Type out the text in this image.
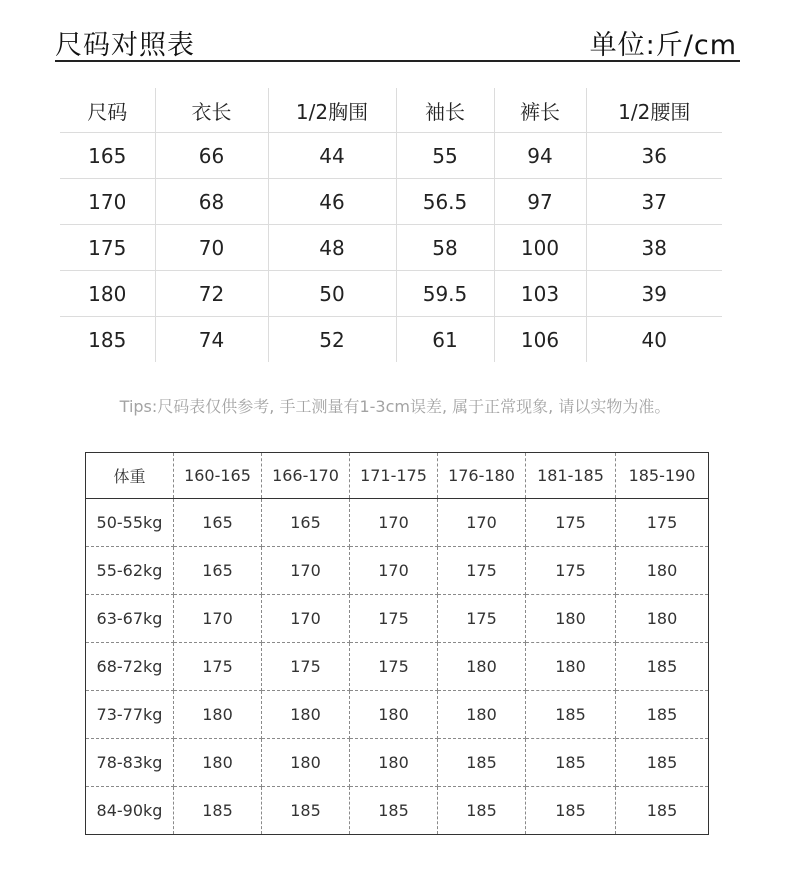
尺码对照表	单位:斤/cm
尺码	衣长	1/2胸围	袖长	裤长	1/2腰围
165	66	44	55	94	36
170	68	46	56.5	97	37
175	70	48	58	100	38
180	72	50	59.5	103	39
185	74	52	61	106	40
Tips:尺码表仅供参考, 手工测量有1-3cm误差, 属于正常现象, 请以实物为准。
体重	160-165	166-170	171-175	176-180	181-185	185-190
50-55kg	165	165	170	170	175	175
55-62kg	165	170	170	175	175	180
63-67kg	170	170	175	175	180	180
68-72kg	175	175	175	180	180	185
73-77kg	180	180	180	180	185	185
78-83kg	180	180	180	185	185	185
84-90kg	185	185	185	185	185	185
